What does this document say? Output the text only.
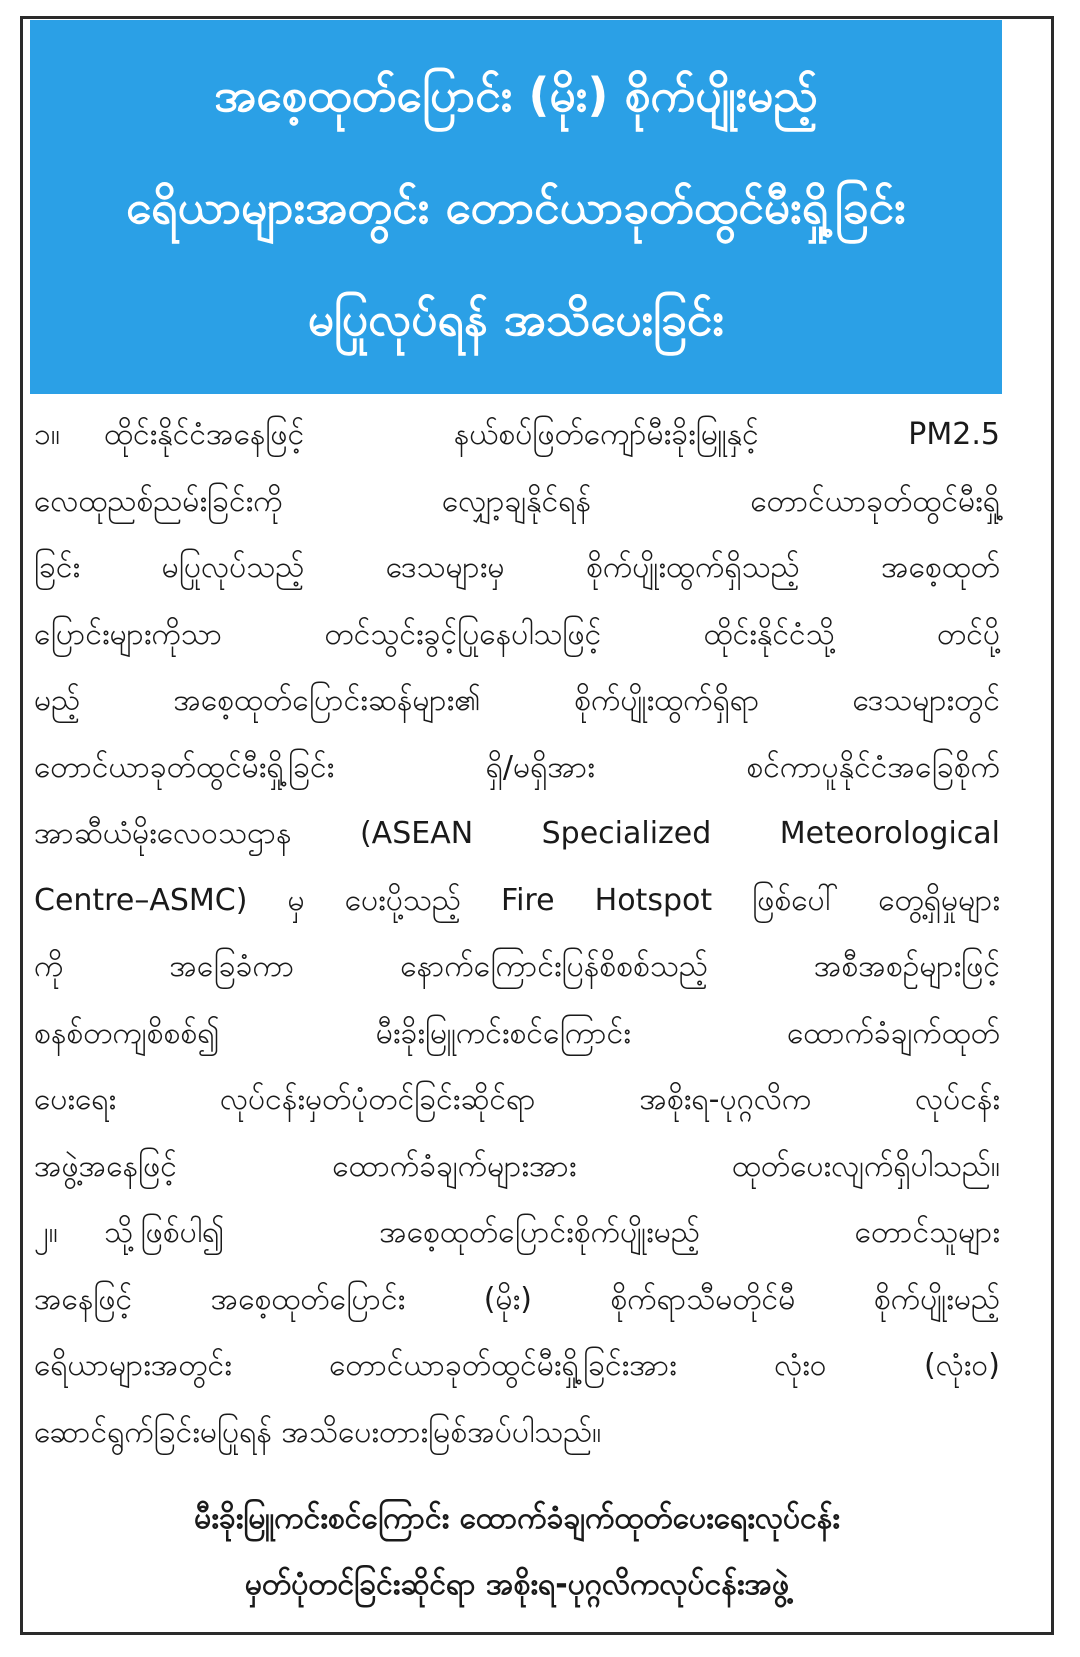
အစေ့ထုတ်ပြောင်း (မိုး) စိုက်ပျိုးမည့်
ရေိယာများအတွင်း တောင်ယာခုတ်ထွင်မီးရှို့ခြင်း
မပြုလုပ်ရန် အသိပေးခြင်း
၁။	ထိုင်းနိုင်ငံအနေဖြင့် နယ်စပ်ဖြတ်ကျော်မီးခိုးမြူနှင့် PM2.5
လေထုညစ်ညမ်းခြင်းကို လျှော့ချနိုင်ရန် တောင်ယာခုတ်ထွင်မီးရှို့
ခြင်း မပြုလုပ်သည့် ဒေသများမှ စိုက်ပျိုးထွက်ရှိသည့် အစေ့ထုတ်
ပြောင်းများကိုသာ တင်သွင်းခွင့်ပြုနေပါသဖြင့် ထိုင်းနိုင်ငံသို့ တင်ပို့
မည့် အစေ့ထုတ်ပြောင်းဆန်များ၏ စိုက်ပျိုးထွက်ရှိရာ ဒေသများတွင်
တောင်ယာခုတ်ထွင်မီးရှို့ခြင်း ရှိ/မရှိအား စင်ကာပူနိုင်ငံအခြေစိုက်
အာဆီယံမိုးလေဝသဌာန (ASEAN Specialized Meteorological
Centre–ASMC) မှ ပေးပို့သည့် Fire Hotspot ဖြစ်ပေါ် တွေ့ရှိမှုများ
ကို အခြေခံကာ နောက်ကြောင်းပြန်စိစစ်သည့် အစီအစဉ်များဖြင့်
စနစ်တကျစိစစ်၍ မီးခိုးမြူကင်းစင်ကြောင်း ထောက်ခံချက်ထုတ်
ပေးရေး လုပ်ငန်းမှတ်ပုံတင်ခြင်းဆိုင်ရာ အစိုးရ-ပုဂ္ဂလိက လုပ်ငန်း
အဖွဲ့အနေဖြင့် ထောက်ခံချက်များအား ထုတ်ပေးလျက်ရှိပါသည်။
၂။	သို့ဖြစ်ပါ၍ အစေ့ထုတ်ပြောင်းစိုက်ပျိုးမည့် တောင်သူများ
အနေဖြင့် အစေ့ထုတ်ပြောင်း (မိုး) စိုက်ရာသီမတိုင်မီ စိုက်ပျိုးမည့်
ရေိယာများအတွင်း တောင်ယာခုတ်ထွင်မီးရှို့ခြင်းအား လုံး၀ (လုံး၀)
ဆောင်ရွက်ခြင်းမပြုရန် အသိပေးတားမြစ်အပ်ပါသည်။
မီးခိုးမြူကင်းစင်ကြောင်း ထောက်ခံချက်ထုတ်ပေးရေးလုပ်ငန်း
မှတ်ပုံတင်ခြင်းဆိုင်ရာ အစိုးရ-ပုဂ္ဂလိကလုပ်ငန်းအဖွဲ့
